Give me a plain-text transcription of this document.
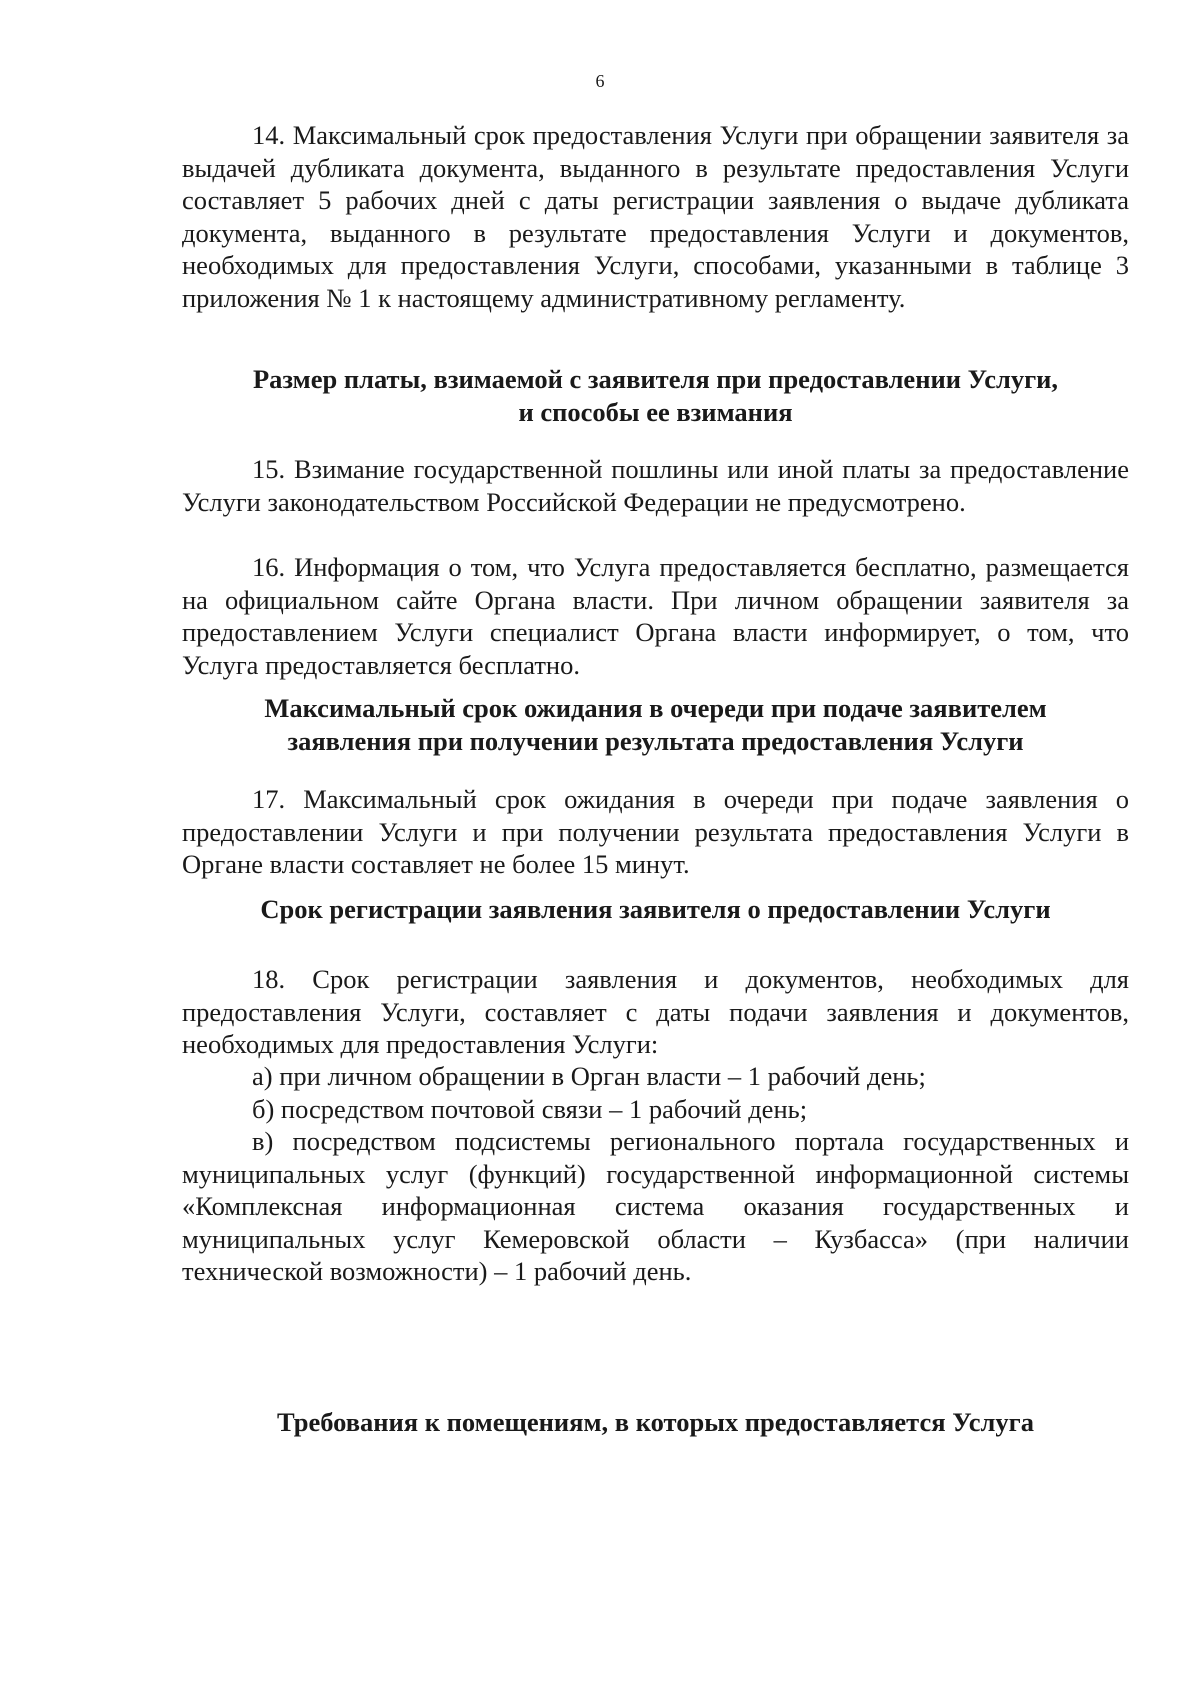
6

14. Максимальный срок предоставления Услуги при обращении заявителя за выдачей дубликата документа, выданного в результате предоставления Услуги составляет 5 рабочих дней с даты регистрации заявления о выдаче дубликата документа, выданного в результате предоставления Услуги и документов, необходимых для предоставления Услуги, способами, указанными в таблице 3 приложения № 1 к настоящему административному регламенту.

Размер платы, взимаемой с заявителя при предоставлении Услуги,
и способы ее взимания

15. Взимание государственной пошлины или иной платы за предоставление Услуги законодательством Российской Федерации не предусмотрено.

16. Информация о том, что Услуга предоставляется бесплатно, размещается на официальном сайте Органа власти. При личном обращении заявителя за предоставлением Услуги специалист Органа власти информирует, о том, что Услуга предоставляется бесплатно.

Максимальный срок ожидания в очереди при подаче заявителем
заявления при получении результата предоставления Услуги

17. Максимальный срок ожидания в очереди при подаче заявления о предоставлении Услуги и при получении результата предоставления Услуги в Органе власти составляет не более 15 минут.

Срок регистрации заявления заявителя о предоставлении Услуги

18. Срок регистрации заявления и документов, необходимых для предоставления Услуги, составляет с даты подачи заявления и документов, необходимых для предоставления Услуги:

а) при личном обращении в Орган власти – 1 рабочий день;

б) посредством почтовой связи – 1 рабочий день;

в) посредством подсистемы регионального портала государственных и муниципальных услуг (функций) государственной информационной системы «Комплексная информационная система оказания государственных и муниципальных услуг Кемеровской области – Кузбасса» (при наличии технической возможности) – 1 рабочий день.

Требования к помещениям, в которых предоставляется Услуга
